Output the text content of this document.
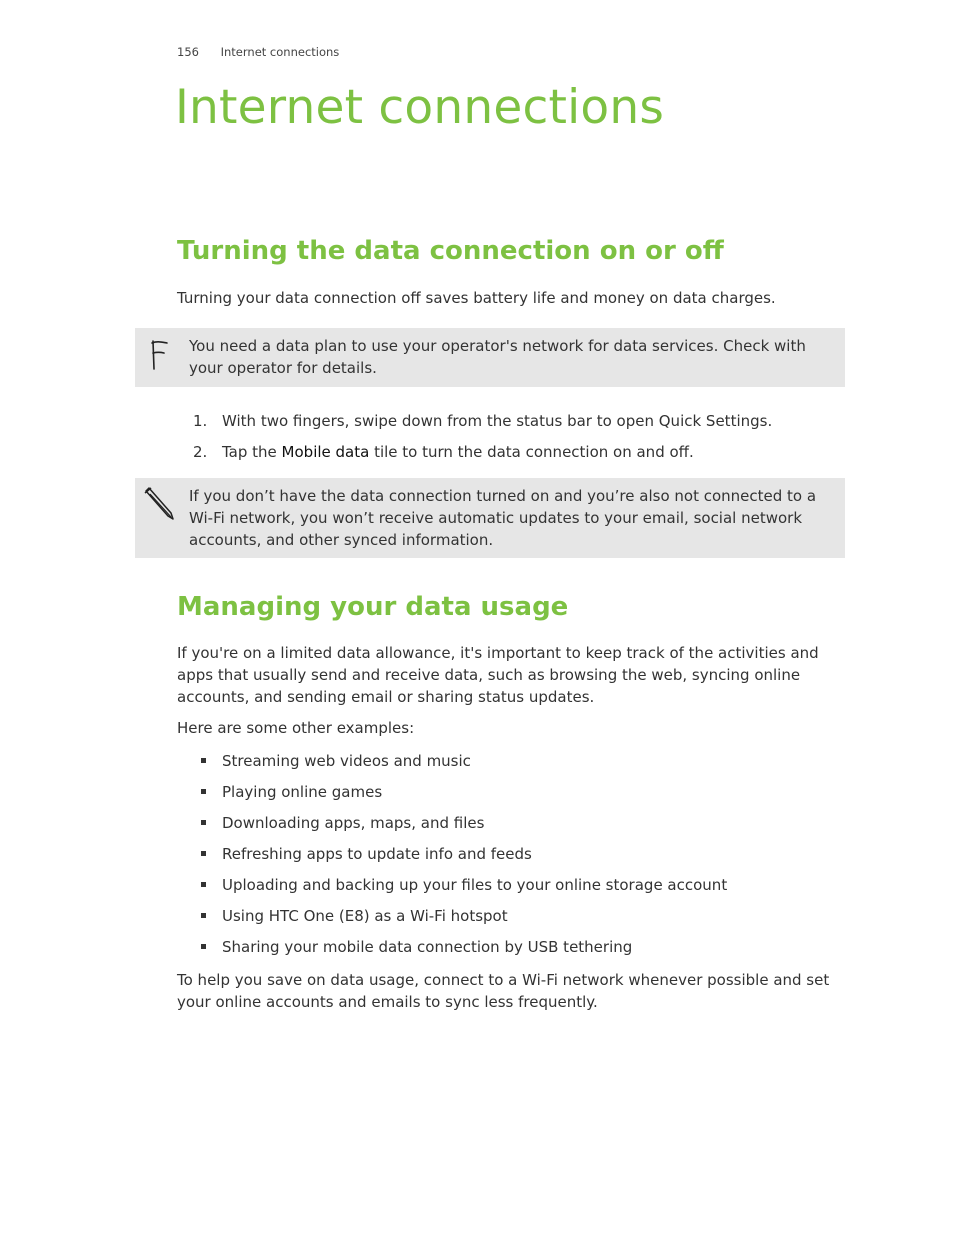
156 Internet connections
Internet connections
Turning the data connection on or off

Turning your data connection off saves battery life and money on data charges.

You need a data plan to use your operator's network for data services. Check with your operator for details.
1. With two fingers, swipe down from the status bar to open Quick Settings.
2. Tap the Mobile data tile to turn the data connection on and off.
If you don’t have the data connection turned on and you’re also not connected to a Wi-Fi network, you won’t receive automatic updates to your email, social network accounts, and other synced information.
Managing your data usage

If you're on a limited data allowance, it's important to keep track of the activities and apps that usually send and receive data, such as browsing the web, syncing online accounts, and sending email or sharing status updates.

Here are some other examples:

Streaming web videos and music
Playing online games
Downloading apps, maps, and files
Refreshing apps to update info and feeds
Uploading and backing up your files to your online storage account
Using HTC One (E8) as a Wi-Fi hotspot
Sharing your mobile data connection by USB tethering

To help you save on data usage, connect to a Wi-Fi network whenever possible and set your online accounts and emails to sync less frequently.
